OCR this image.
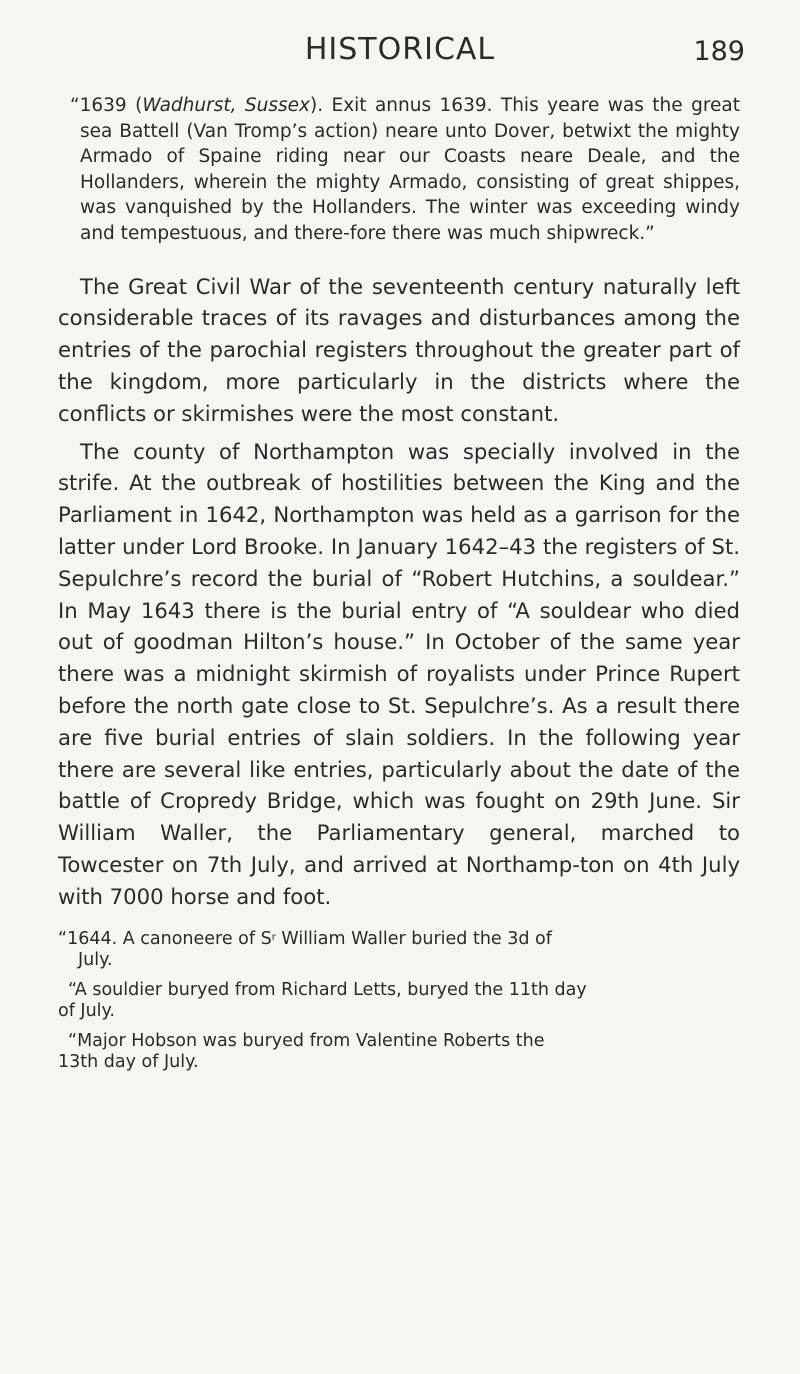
HISTORICAL	189

“1639 (Wadhurst, Sussex). Exit annus 1639. This yeare was the great sea Battell (Van Tromp’s action) neare unto Dover, betwixt the mighty Armado of Spaine riding near our Coasts neare Deale, and the Hollanders, wherein the mighty Armado, consisting of great shippes, was vanquished by the Hollanders. The winter was exceeding windy and tempestuous, and there-fore there was much shipwreck.”

The Great Civil War of the seventeenth century naturally left considerable traces of its ravages and disturbances among the entries of the parochial registers throughout the greater part of the kingdom, more particularly in the districts where the conflicts or skirmishes were the most constant.

The county of Northampton was specially involved in the strife. At the outbreak of hostilities between the King and the Parliament in 1642, Northampton was held as a garrison for the latter under Lord Brooke. In January 1642–43 the registers of St. Sepulchre’s record the burial of “Robert Hutchins, a souldear.” In May 1643 there is the burial entry of “A souldear who died out of goodman Hilton’s house.” In October of the same year there was a midnight skirmish of royalists under Prince Rupert before the north gate close to St. Sepulchre’s. As a result there are five burial entries of slain soldiers. In the following year there are several like entries, particularly about the date of the battle of Cropredy Bridge, which was fought on 29th June. Sir William Waller, the Parliamentary general, marched to Towcester on 7th July, and arrived at Northamp-ton on 4th July with 7000 horse and foot.

“1644. A canoneere of $S^r$ William Waller buried the 3d of
July.
“A souldier buryed from Richard Letts, buryed the 11th day
of July.
“Major Hobson was buryed from Valentine Roberts the
13th day of July.
